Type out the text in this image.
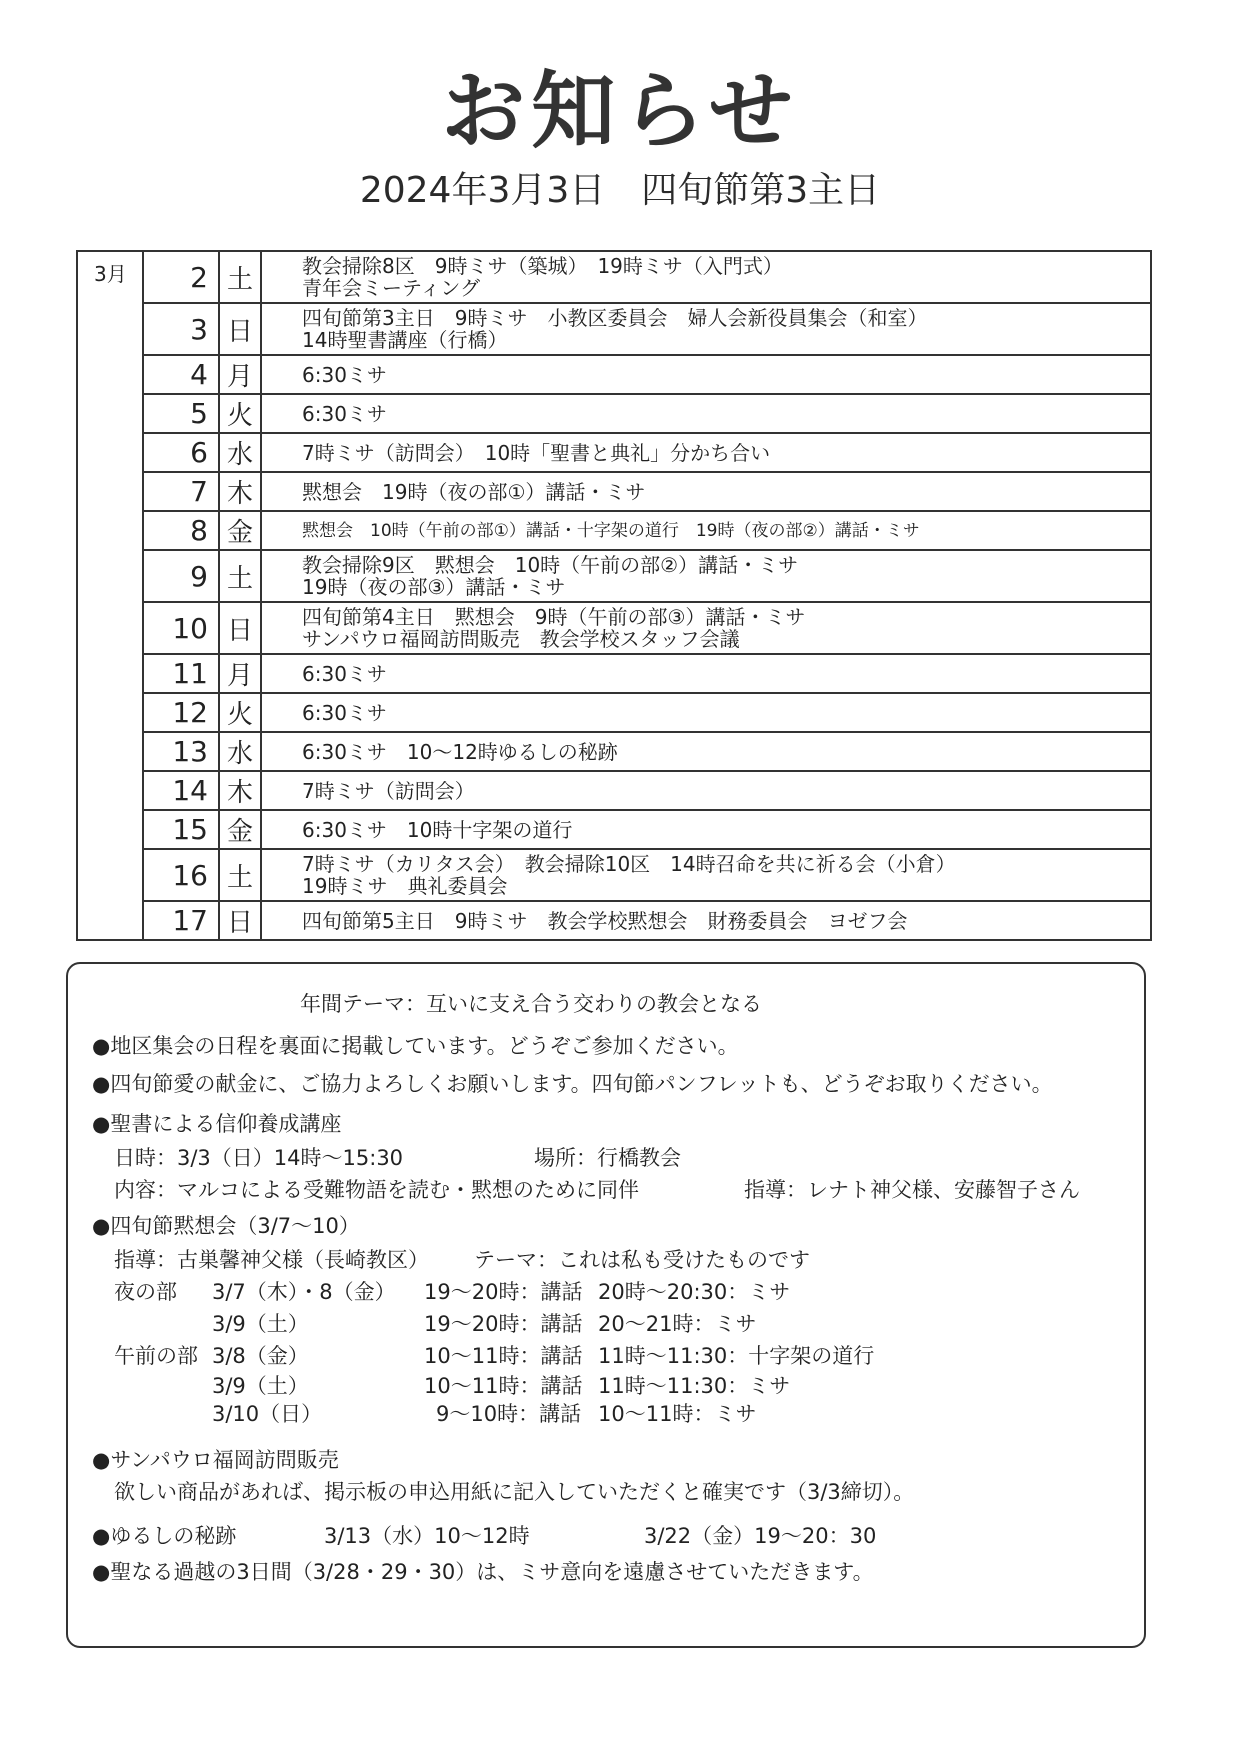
お知らせ
2024年3月3日　四旬節第3主日
3月	2	土	教会掃除8区　9時ミサ（築城）　19時ミサ（入門式）
青年会ミーティング

	3	日	四旬節第3主日　9時ミサ　小教区委員会　婦人会新役員集会（和室）
14時聖書講座（行橋）

	4	月	6:30ミサ

	5	火	6:30ミサ

	6	水	7時ミサ（訪問会）　10時「聖書と典礼」分かち合い

	7	木	黙想会　19時（夜の部①）講話・ミサ

	8	金	黙想会　10時（午前の部①）講話・十字架の道行　19時（夜の部②）講話・ミサ

	9	土	教会掃除9区　黙想会　10時（午前の部②）講話・ミサ
19時（夜の部③）講話・ミサ

	10	日	四旬節第4主日　黙想会　9時（午前の部③）講話・ミサ
サンパウロ福岡訪問販売　教会学校スタッフ会議

	11	月	6:30ミサ

	12	火	6:30ミサ

	13	水	6:30ミサ　10～12時ゆるしの秘跡

	14	木	7時ミサ（訪問会）

	15	金	6:30ミサ　10時十字架の道行

	16	土	7時ミサ（カリタス会）　教会掃除10区　14時召命を共に祈る会（小倉）
19時ミサ　典礼委員会

	17	日	四旬節第5主日　9時ミサ　教会学校黙想会　財務委員会　ヨゼフ会
年間テーマ：互いに支え合う交わりの教会となる
● 地区集会の日程を裏面に掲載しています。どうぞご参加ください。
● 四旬節愛の献金に、ご協力よろしくお願いします。四旬節パンフレットも、どうぞお取りください。
● 聖書による信仰養成講座
日時：3/3（日）14時～15:30	場所：行橋教会
内容：マルコによる受難物語を読む・黙想のために同伴	指導：レナト神父様、安藤智子さん
● 四旬節黙想会（3/7～10）
指導：古巣馨神父様（長崎教区） テーマ：これは私も受けたものです
夜の部 3/7（木）・8（金） 19～20時：講話 20時～20:30：ミサ
3/9（土）	19～20時：講話 20～21時：ミサ
午前の部 3/8（金）	10～11時：講話 11時～11:30：十字架の道行
3/9（土）	10～11時：講話 11時～11:30：ミサ
3/10（日）	9～10時：講話 10～11時：ミサ
● サンパウロ福岡訪問販売
欲しい商品があれば、掲示板の申込用紙に記入していただくと確実です（3/3締切）。
● ゆるしの秘跡	3/13（水）10～12時	3/22（金）19～20：30
● 聖なる過越の3日間（3/28・29・30）は、ミサ意向を遠慮させていただきます。
